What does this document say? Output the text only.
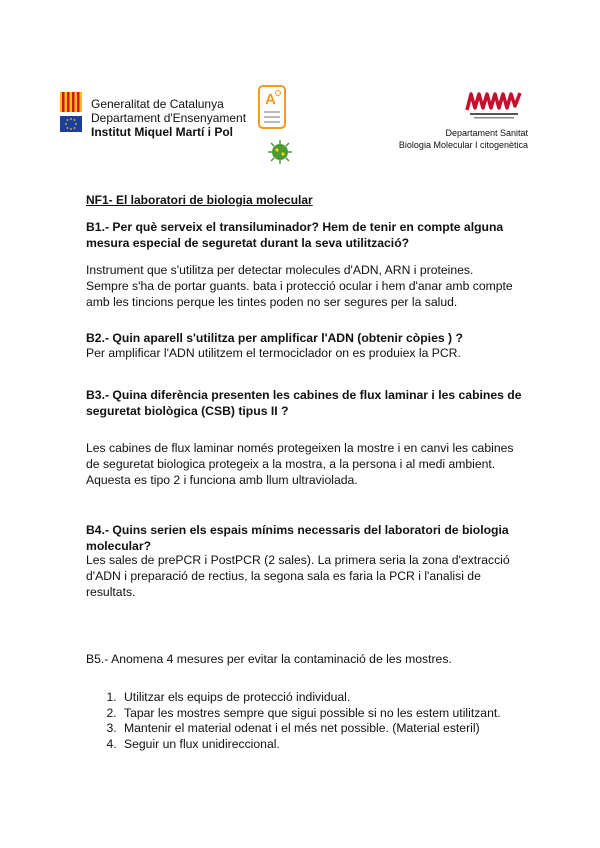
Generalitat de Catalunya
Departament d'Ensenyament
Institut Miquel Martí i Pol
A
Departament Sanitat
Biologia Molecular I citogenètica
NF1- El laboratori de biologia molecular
B1.- Per què serveix el transiluminador? Hem de tenir en compte alguna mesura especial de seguretat durant la seva utilització?
Instrument que s'utilitza per detectar molecules d'ADN, ARN i proteines. Sempre s'ha de portar guants. bata i protecció ocular i hem d'anar amb compte amb les tincions perque les tintes poden no ser segures per la salud.
B2.- Quin aparell s'utilitza per amplificar l'ADN (obtenir còpies ) ?
Per amplificar l'ADN utilitzem el termociclador on es produiex la PCR.
B3.- Quina diferència presenten les cabines de flux laminar i les cabines de seguretat biològica (CSB) tipus II ?
Les cabines de flux laminar només protegeixen la mostre i en canvi les cabines de seguretat biologica protegeix a la mostra, a la persona i al medi ambient. Aquesta es tipo 2 i funciona amb llum ultraviolada.
B4.- Quins serien els espais mínims necessaris del laboratori de biologia molecular?
Les sales de prePCR i PostPCR (2 sales). La primera seria la zona d'extracció d'ADN i preparació de rectius, la segona sala es faria la PCR i l'analisi de resultats.
B5.- Anomena 4 mesures per evitar la contaminació de les mostres.
1. Utilitzar els equips de protecció individual.
2. Tapar les mostres sempre que sigui possible si no les estem utilitzant.
3. Mantenir el material odenat i el més net possible. (Material esteril)
4. Seguir un flux unidireccional.
